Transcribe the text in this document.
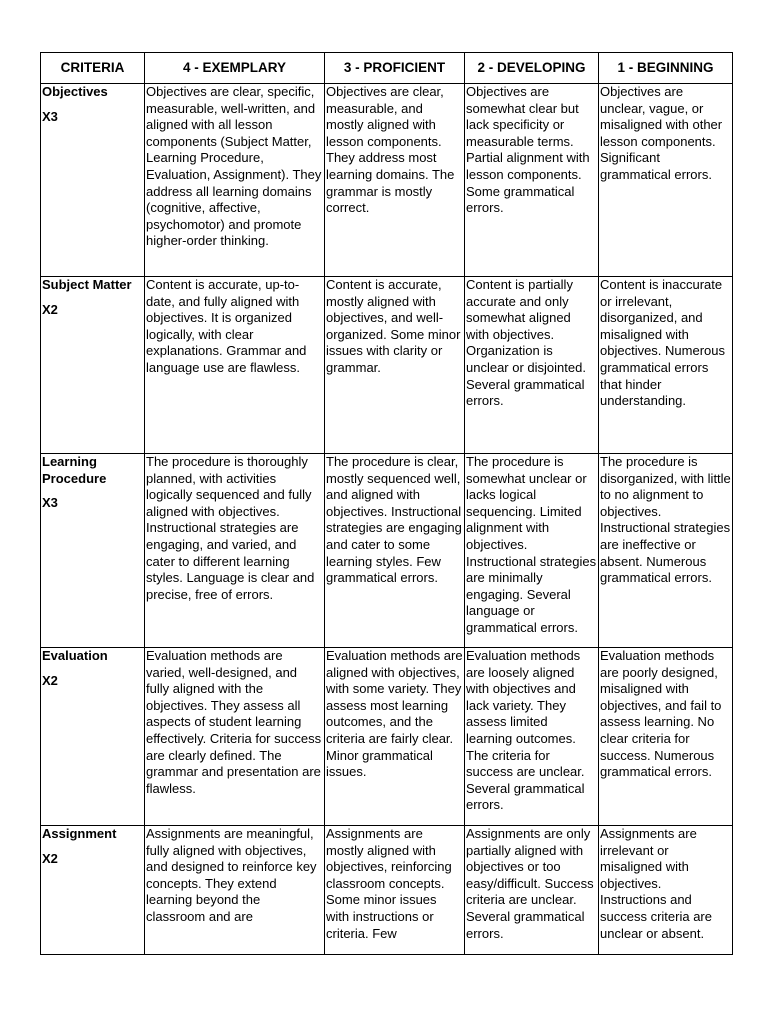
CRITERIA	4 - EXEMPLARY	3 - PROFICIENT	2 - DEVELOPING	1 - BEGINNING

Objectives
X3	Objectives are clear, specific, measurable, well-written, and aligned with all lesson components (Subject Matter, Learning Procedure, Evaluation, Assignment). They address all learning domains (cognitive, affective, psychomotor) and promote higher-order thinking.	Objectives are clear, measurable, and mostly aligned with lesson components. They address most learning domains. The grammar is mostly correct.	Objectives are somewhat clear but lack specificity or measurable terms. Partial alignment with lesson components. Some grammatical errors.	Objectives are unclear, vague, or misaligned with other lesson components. Significant grammatical errors.

Subject Matter
X2	Content is accurate, up-to-date, and fully aligned with objectives. It is organized logically, with clear explanations. Grammar and language use are flawless.	Content is accurate, mostly aligned with objectives, and well-organized. Some minor issues with clarity or grammar.	Content is partially accurate and only somewhat aligned with objectives. Organization is unclear or disjointed. Several grammatical errors.	Content is inaccurate or irrelevant, disorganized, and misaligned with objectives. Numerous grammatical errors that hinder understanding.

Learning Procedure
X3	The procedure is thoroughly planned, with activities logically sequenced and fully aligned with objectives. Instructional strategies are engaging, and varied, and cater to different learning styles. Language is clear and precise, free of errors.	The procedure is clear, mostly sequenced well, and aligned with objectives. Instructional strategies are engaging and cater to some learning styles. Few grammatical errors.	The procedure is somewhat unclear or lacks logical sequencing. Limited alignment with objectives. Instructional strategies are minimally engaging. Several language or grammatical errors.	The procedure is disorganized, with little to no alignment to objectives. Instructional strategies are ineffective or absent. Numerous grammatical errors.

Evaluation
X2	Evaluation methods are varied, well-designed, and fully aligned with the objectives. They assess all aspects of student learning effectively. Criteria for success are clearly defined. The grammar and presentation are flawless.	Evaluation methods are aligned with objectives, with some variety. They assess most learning outcomes, and the criteria are fairly clear. Minor grammatical issues.	Evaluation methods are loosely aligned with objectives and lack variety. They assess limited learning outcomes. The criteria for success are unclear. Several grammatical errors.	Evaluation methods are poorly designed, misaligned with objectives, and fail to assess learning. No clear criteria for success. Numerous grammatical errors.

Assignment
X2	Assignments are meaningful, fully aligned with objectives, and designed to reinforce key concepts. They extend learning beyond the classroom and are	Assignments are mostly aligned with objectives, reinforcing classroom concepts. Some minor issues with instructions or criteria. Few	Assignments are only partially aligned with objectives or too easy/difficult. Success criteria are unclear. Several grammatical errors.	Assignments are irrelevant or misaligned with objectives. Instructions and success criteria are unclear or absent.
